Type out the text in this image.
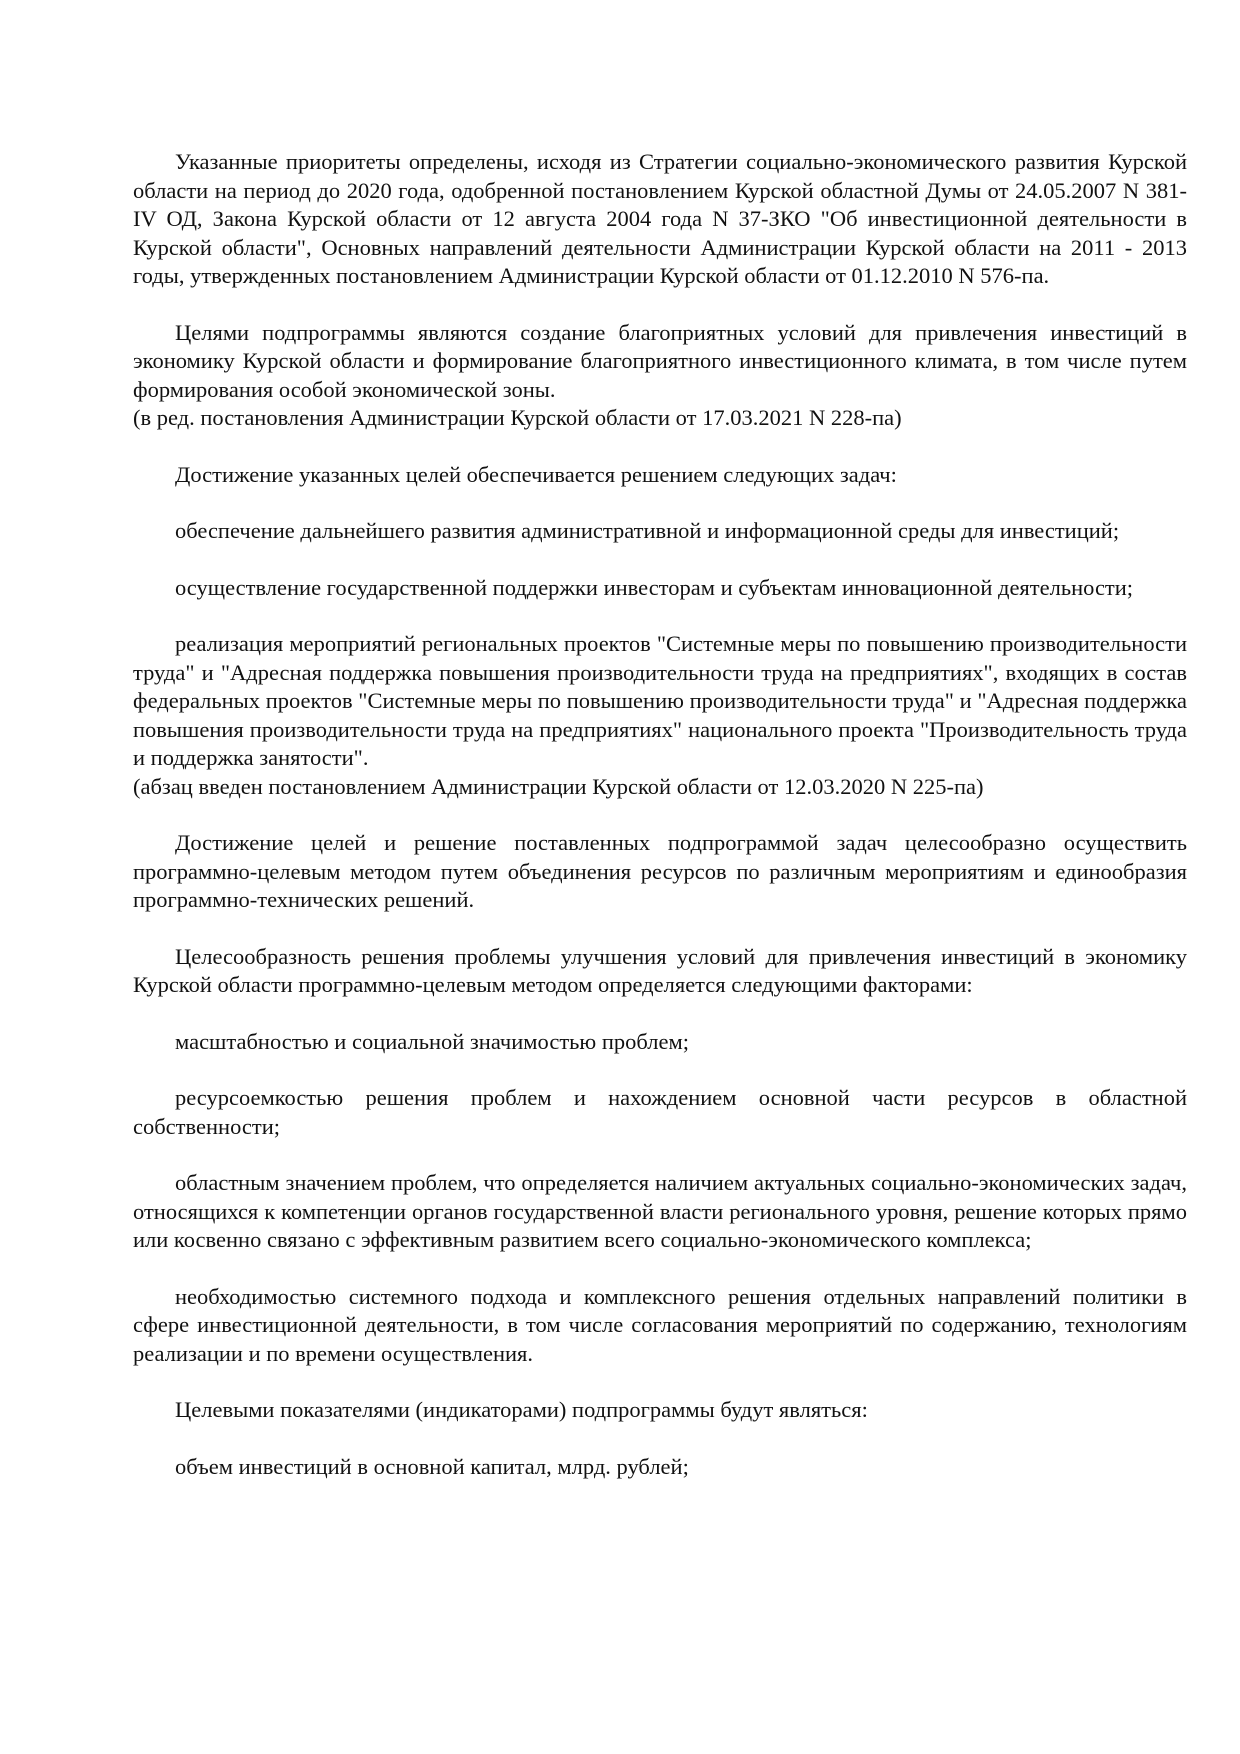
Указанные приоритеты определены, исходя из Стратегии социально-экономического развития Курской области на период до 2020 года, одобренной постановлением Курской областной Думы от 24.05.2007 N 381-IV ОД, Закона Курской области от 12 августа 2004 года N 37-ЗКО "Об инвестиционной деятельности в Курской области", Основных направлений деятельности Администрации Курской области на 2011 - 2013 годы, утвержденных постановлением Администрации Курской области от 01.12.2010 N 576-па.
Целями подпрограммы являются создание благоприятных условий для привлечения инвестиций в экономику Курской области и формирование благоприятного инвестиционного климата, в том числе путем формирования особой экономической зоны.
(в ред. постановления Администрации Курской области от 17.03.2021 N 228-па)
Достижение указанных целей обеспечивается решением следующих задач:
обеспечение дальнейшего развития административной и информационной среды для инвестиций;
осуществление государственной поддержки инвесторам и субъектам инновационной деятельности;
реализация мероприятий региональных проектов "Системные меры по повышению производительности труда" и "Адресная поддержка повышения производительности труда на предприятиях", входящих в состав федеральных проектов "Системные меры по повышению производительности труда" и "Адресная поддержка повышения производительности труда на предприятиях" национального проекта "Производительность труда и поддержка занятости".
(абзац введен постановлением Администрации Курской области от 12.03.2020 N 225-па)
Достижение целей и решение поставленных подпрограммой задач целесообразно осуществить программно-целевым методом путем объединения ресурсов по различным мероприятиям и единообразия программно-технических решений.
Целесообразность решения проблемы улучшения условий для привлечения инвестиций в экономику Курской области программно-целевым методом определяется следующими факторами:
масштабностью и социальной значимостью проблем;
ресурсоемкостью решения проблем и нахождением основной части ресурсов в областной собственности;
областным значением проблем, что определяется наличием актуальных социально-экономических задач, относящихся к компетенции органов государственной власти регионального уровня, решение которых прямо или косвенно связано с эффективным развитием всего социально-экономического комплекса;
необходимостью системного подхода и комплексного решения отдельных направлений политики в сфере инвестиционной деятельности, в том числе согласования мероприятий по содержанию, технологиям реализации и по времени осуществления.
Целевыми показателями (индикаторами) подпрограммы будут являться:
объем инвестиций в основной капитал, млрд. рублей;
